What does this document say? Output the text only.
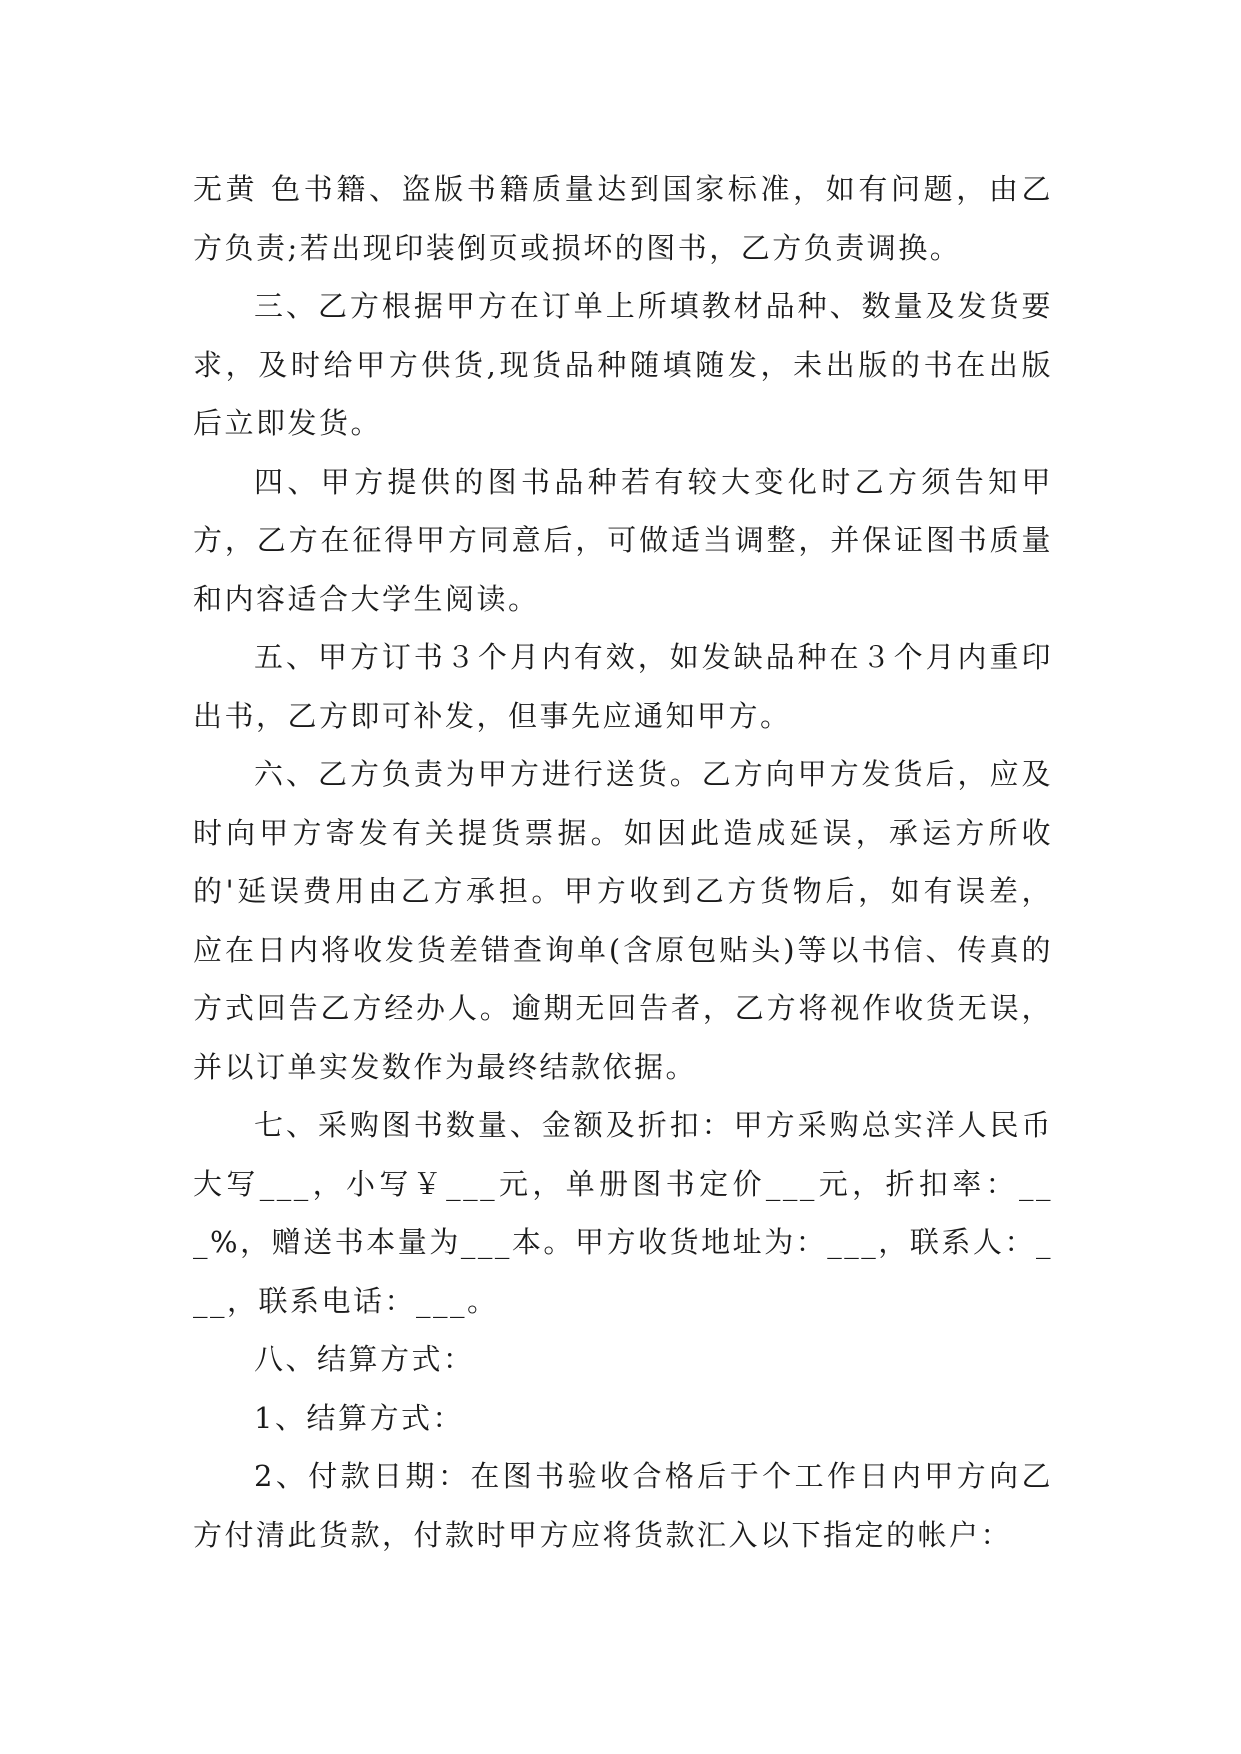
无黄 色书籍、盗版书籍质量达到国家标准，如有问题，由乙方负责;若出现印装倒页或损坏的图书，乙方负责调换。

三、乙方根据甲方在订单上所填教材品种、数量及发货要求，及时给甲方供货,现货品种随填随发，未出版的书在出版后立即发货。

四、甲方提供的图书品种若有较大变化时乙方须告知甲方，乙方在征得甲方同意后，可做适当调整，并保证图书质量和内容适合大学生阅读。

五、甲方订书３个月内有效，如发缺品种在３个月内重印出书，乙方即可补发，但事先应通知甲方。

六、乙方负责为甲方进行送货。乙方向甲方发货后，应及时向甲方寄发有关提货票据。如因此造成延误，承运方所收的'延误费用由乙方承担。甲方收到乙方货物后，如有误差，应在日内将收发货差错查询单(含原包贴头)等以书信、传真的方式回告乙方经办人。逾期无回告者，乙方将视作收货无误，并以订单实发数作为最终结款依据。

七、采购图书数量、金额及折扣：甲方采购总实洋人民币大写___，小写￥___元，单册图书定价___元，折扣率：___%，赠送书本量为___本。甲方收货地址为：___，联系人：___，联系电话：___。

八、结算方式：

1、结算方式：

2、付款日期：在图书验收合格后于个工作日内甲方向乙方付清此货款，付款时甲方应将货款汇入以下指定的帐户：
